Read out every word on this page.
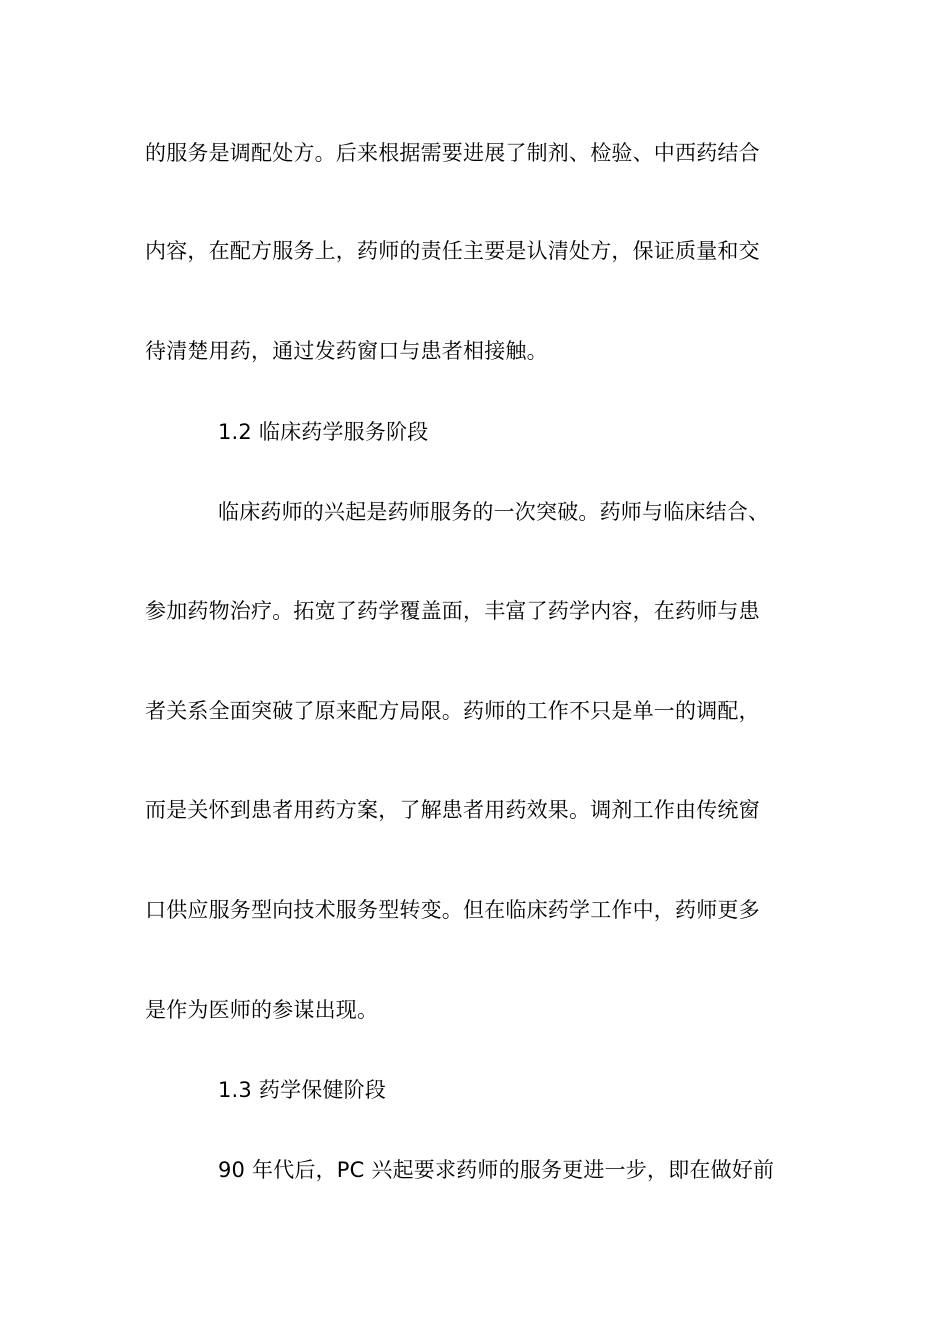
的服务是调配处方。后来根据需要进展了制剂、检验、中西药结合
内容，在配方服务上，药师的责任主要是认清处方，保证质量和交
待清楚用药，通过发药窗口与患者相接触。
1.2 临床药学服务阶段
临床药师的兴起是药师服务的一次突破。药师与临床结合、
参加药物治疗。拓宽了药学覆盖面，丰富了药学内容，在药师与患
者关系全面突破了原来配方局限。药师的工作不只是单一的调配，
而是关怀到患者用药方案，了解患者用药效果。调剂工作由传统窗
口供应服务型向技术服务型转变。但在临床药学工作中，药师更多
是作为医师的参谋出现。
1.3 药学保健阶段
90 年代后，PC 兴起要求药师的服务更进一步，即在做好前
